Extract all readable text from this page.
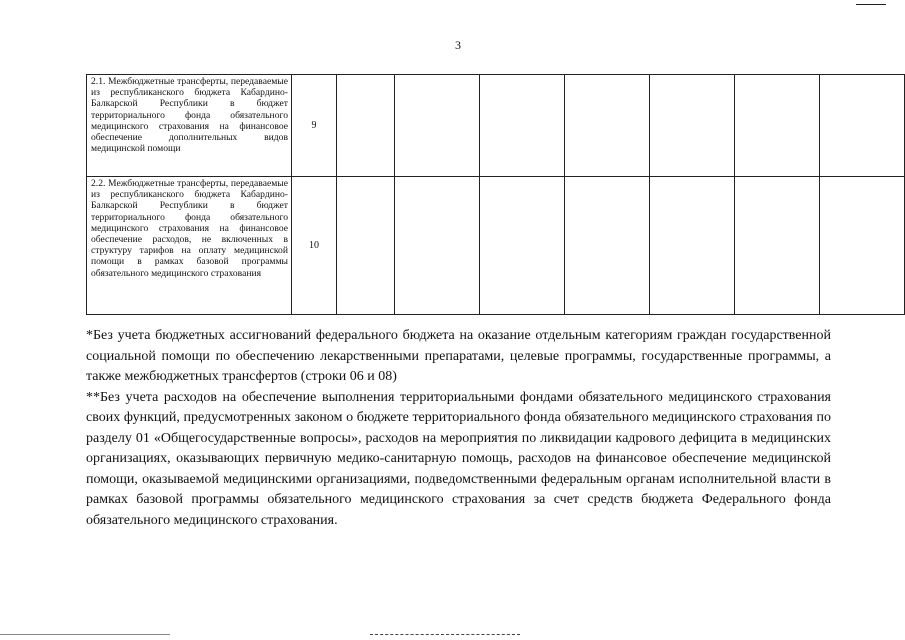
3
2.1. Межбюджетные трансферты, передаваемые из республиканского бюджета Кабардино-Балкарской Республики в бюджет территориального фонда обязательного медицинского страхования на финансовое обеспечение дополнительных видов медицинской помощи	9							
2.2. Межбюджетные трансферты, передаваемые из республиканского бюджета Кабардино-Балкарской Республики в бюджет территориального фонда обязательного медицинского страхования на финансовое обеспечение расходов, не включенных в структуру тарифов на оплату медицинской помощи в рамках базовой программы обязательного медицинского страхования	10							

*Без учета бюджетных ассигнований федерального бюджета на оказание отдельным категориям граждан государственной социальной помощи по обеспечению лекарственными препаратами, целевые программы, государственные программы, а также межбюджетных трансфертов (строки 06 и 08)

**Без учета расходов на обеспечение выполнения территориальными фондами обязательного медицинского страхования своих функций, предусмотренных законом о бюджете территориального фонда обязательного медицинского страхования по разделу 01 «Общегосударственные вопросы», расходов на мероприятия по ликвидации кадрового дефицита в медицинских организациях, оказывающих первичную медико-санитарную помощь, расходов на финансовое обеспечение медицинской помощи, оказываемой медицинскими организациями, подведомственными федеральным органам исполнительной власти в рамках базовой программы обязательного медицинского страхования за счет средств бюджета Федерального фонда обязательного медицинского страхования.
